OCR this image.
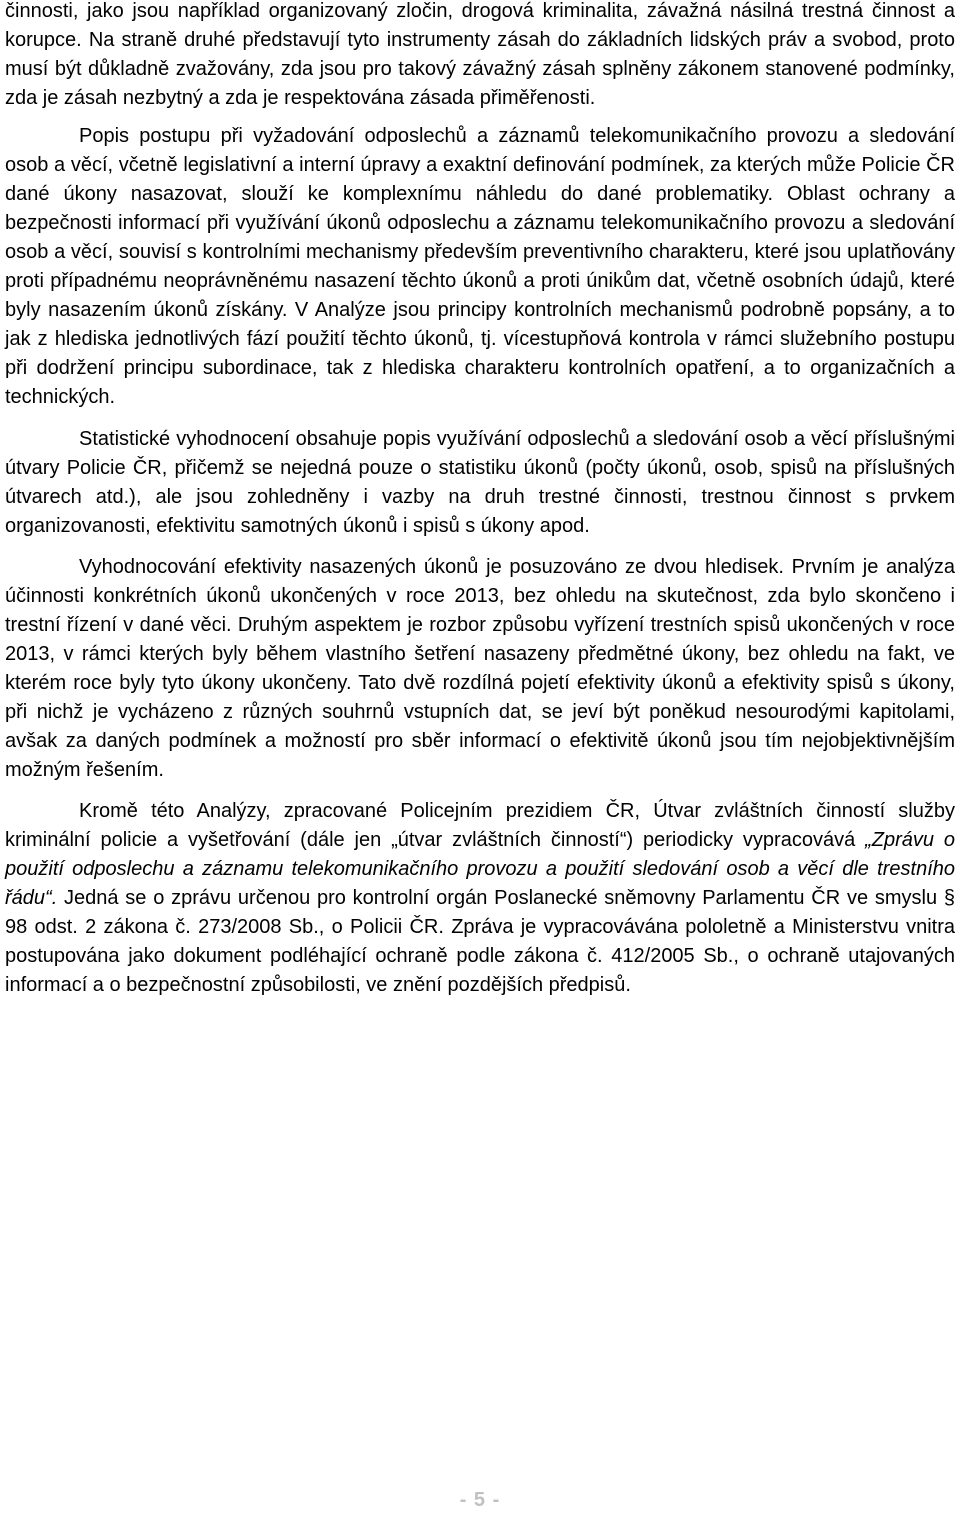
činnosti, jako jsou například organizovaný zločin, drogová kriminalita, závažná násilná trestná činnost a korupce. Na straně druhé představují tyto instrumenty zásah do základních lidských práv a svobod, proto musí být důkladně zvažovány, zda jsou pro takový závažný zásah splněny zákonem stanovené podmínky, zda je zásah nezbytný a zda je respektována zásada přiměřenosti.

Popis postupu při vyžadování odposlechů a záznamů telekomunikačního provozu a sledování osob a věcí, včetně legislativní a interní úpravy a exaktní definování podmínek, za kterých může Policie ČR dané úkony nasazovat, slouží ke komplexnímu náhledu do dané problematiky. Oblast ochrany a bezpečnosti informací při využívání úkonů odposlechu a záznamu telekomunikačního provozu a sledování osob a věcí, souvisí s kontrolními mechanismy především preventivního charakteru, které jsou uplatňovány proti případnému neoprávněnému nasazení těchto úkonů a proti únikům dat, včetně osobních údajů, které byly nasazením úkonů získány. V Analýze jsou principy kontrolních mechanismů podrobně popsány, a to jak z hlediska jednotlivých fází použití těchto úkonů, tj. vícestupňová kontrola v rámci služebního postupu při dodržení principu subordinace, tak z hlediska charakteru kontrolních opatření, a to organizačních a technických.

Statistické vyhodnocení obsahuje popis využívání odposlechů a sledování osob a věcí příslušnými útvary Policie ČR, přičemž se nejedná pouze o statistiku úkonů (počty úkonů, osob, spisů na příslušných útvarech atd.), ale jsou zohledněny i vazby na druh trestné činnosti, trestnou činnost s prvkem organizovanosti, efektivitu samotných úkonů i spisů s úkony apod.

Vyhodnocování efektivity nasazených úkonů je posuzováno ze dvou hledisek. Prvním je analýza účinnosti konkrétních úkonů ukončených v roce 2013, bez ohledu na skutečnost, zda bylo skončeno i trestní řízení v dané věci. Druhým aspektem je rozbor způsobu vyřízení trestních spisů ukončených v roce 2013, v rámci kterých byly během vlastního šetření nasazeny předmětné úkony, bez ohledu na fakt, ve kterém roce byly tyto úkony ukončeny. Tato dvě rozdílná pojetí efektivity úkonů a efektivity spisů s úkony, při nichž je vycházeno z různých souhrnů vstupních dat, se jeví být poněkud nesourodými kapitolami, avšak za daných podmínek a možností pro sběr informací o efektivitě úkonů jsou tím nejobjektivnějším možným řešením.

Kromě této Analýzy, zpracované Policejním prezidiem ČR, Útvar zvláštních činností služby kriminální policie a vyšetřování (dále jen „útvar zvláštních činností“) periodicky vypracovává „Zprávu o použití odposlechu a záznamu telekomunikačního provozu a použití sledování osob a věcí dle trestního řádu“. Jedná se o zprávu určenou pro kontrolní orgán Poslanecké sněmovny Parlamentu ČR ve smyslu § 98 odst. 2 zákona č. 273/2008 Sb., o Policii ČR. Zpráva je vypracovávána pololetně a Ministerstvu vnitra postupována jako dokument podléhající ochraně podle zákona č. 412/2005 Sb., o ochraně utajovaných informací a o bezpečnostní způsobilosti, ve znění pozdějších předpisů.

- 5 -
